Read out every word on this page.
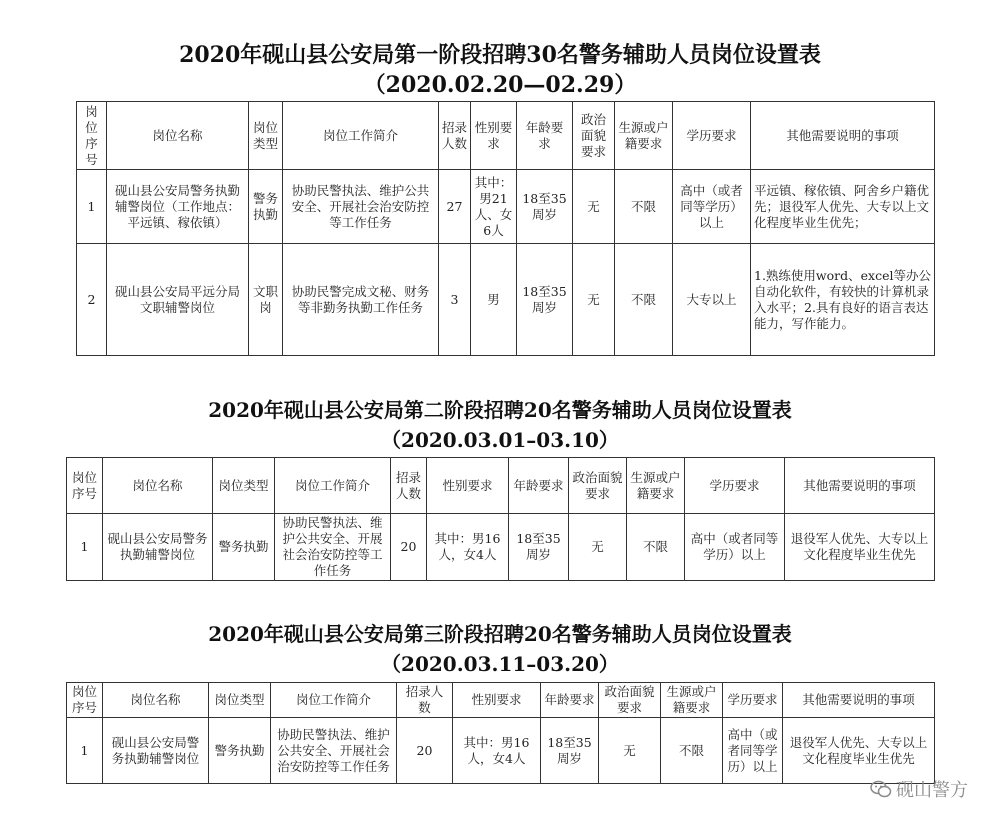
2020年砚山县公安局第一阶段招聘30名警务辅助人员岗位设置表
（2020.02.20—02.29）
岗位序号	岗位名称	岗位类型	岗位工作简介	招录人数	性别要求	年龄要求	政治面貌要求	生源或户籍要求	学历要求	其他需要说明的事项
1	砚山县公安局警务执勤辅警岗位（工作地点：平远镇、稼依镇）	警务执勤	协助民警执法、维护公共安全、开展社会治安防控等工作任务	27	其中：男21人、女6人	18至35周岁	无	不限	高中（或者同等学历）以上	平远镇、稼依镇、阿舍乡户籍优先；退役军人优先、大专以上文化程度毕业生优先；
2	砚山县公安局平远分局文职辅警岗位	文职岗	协助民警完成文秘、财务等非勤务执勤工作任务	3	男	18至35周岁	无	不限	大专以上	1.熟练使用word、excel等办公自动化软件，有较快的计算机录入水平；2.具有良好的语言表达能力，写作能力。
2020年砚山县公安局第二阶段招聘20名警务辅助人员岗位设置表
（2020.03.01–03.10）
岗位序号	岗位名称	岗位类型	岗位工作简介	招录人数	性别要求	年龄要求	政治面貌要求	生源或户籍要求	学历要求	其他需要说明的事项
1	砚山县公安局警务执勤辅警岗位	警务执勤	协助民警执法、维护公共安全、开展社会治安防控等工作任务	20	其中：男16人，女4人	18至35周岁	无	不限	高中（或者同等学历）以上	退役军人优先、大专以上文化程度毕业生优先
2020年砚山县公安局第三阶段招聘20名警务辅助人员岗位设置表
（2020.03.11–03.20）
岗位序号	岗位名称	岗位类型	岗位工作简介	招录人数	性别要求	年龄要求	政治面貌要求	生源或户籍要求	学历要求	其他需要说明的事项
1	砚山县公安局警务执勤辅警岗位	警务执勤	协助民警执法、维护公共安全、开展社会治安防控等工作任务	20	其中：男16人，女4人	18至35周岁	无	不限	高中（或者同等学历）以上	退役军人优先、大专以上文化程度毕业生优先
砚山警方
